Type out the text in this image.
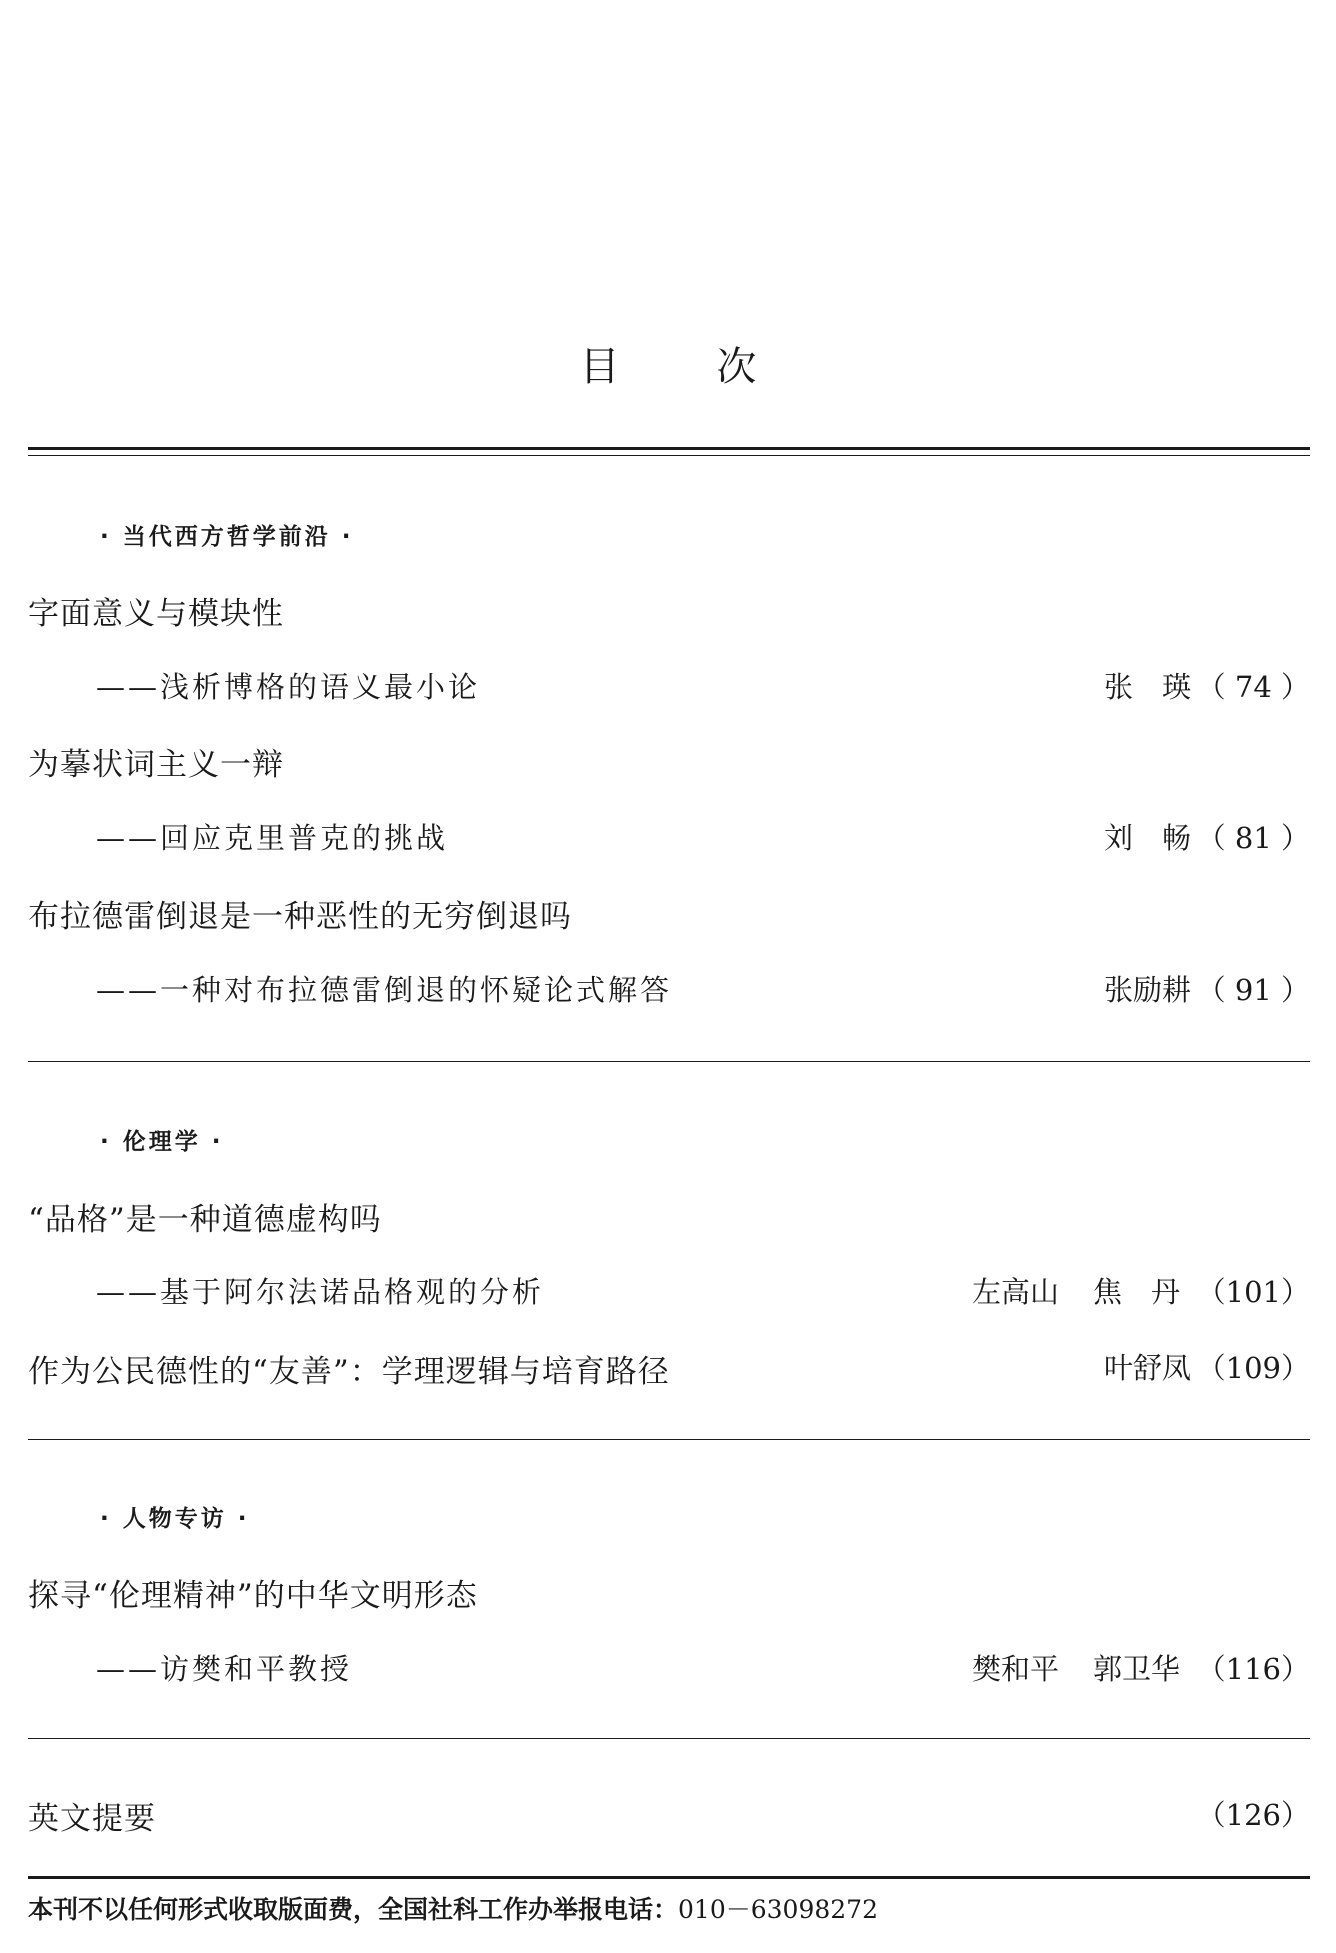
目 次
· 当代西方哲学前沿 ·
字面意义与模块性
——浅析博格的语义最小论	张　瑛 （ 74 ）
为摹状词主义一辩
——回应克里普克的挑战	刘　畅 （ 81 ）
布拉德雷倒退是一种恶性的无穷倒退吗
——一种对布拉德雷倒退的怀疑论式解答	张励耕 （ 91 ）
· 伦理学 ·
“品格”是一种道德虚构吗
——基于阿尔法诺品格观的分析	左高山 焦　丹 （101）
作为公民德性的“友善”：学理逻辑与培育路径	叶舒凤 （109）
· 人物专访 ·
探寻“伦理精神”的中华文明形态
——访樊和平教授	樊和平 郭卫华 （116）
英文提要	（126）
本刊不以任何形式收取版面费，全国社科工作办举报电话：010－63098272
